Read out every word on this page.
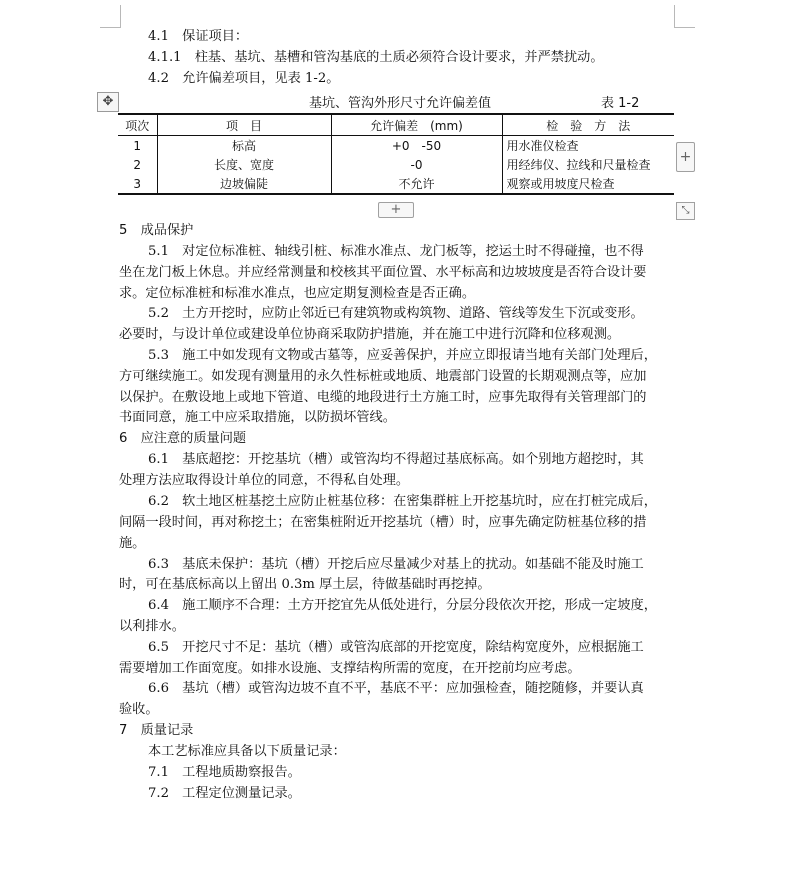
4.1　保证项目：
4.1.1　柱基、基坑、基槽和管沟基底的土质必须符合设计要求，并严禁扰动。
4.2　允许偏差项目，见表 1-2。
✥	基坑、管沟外形尺寸允许偏差值	表 1-2
项次	项　目	允许偏差　(mm)	检　验　方　法
1	标高	+0　-50	用水准仪检查
2	长度、宽度	-0	用经纬仪、拉线和尺量检查
3	边坡偏陡	不允许	观察或用坡度尺检查
+
+	⤡
5　成品保护
5.1　对定位标准桩、轴线引桩、标准水准点、龙门板等，挖运土时不得碰撞，也不得
坐在龙门板上休息。并应经常测量和校核其平面位置、水平标高和边坡坡度是否符合设计要
求。定位标准桩和标准水准点，也应定期复测检查是否正确。
5.2　土方开挖时，应防止邻近已有建筑物或构筑物、道路、管线等发生下沉或变形。
必要时，与设计单位或建设单位协商采取防护措施，并在施工中进行沉降和位移观测。
5.3　施工中如发现有文物或古墓等，应妥善保护，并应立即报请当地有关部门处理后，
方可继续施工。如发现有测量用的永久性标桩或地质、地震部门设置的长期观测点等，应加
以保护。在敷设地上或地下管道、电缆的地段进行土方施工时，应事先取得有关管理部门的
书面同意，施工中应采取措施，以防损坏管线。
6　应注意的质量问题
6.1　基底超挖：开挖基坑（槽）或管沟均不得超过基底标高。如个别地方超挖时，其
处理方法应取得设计单位的同意，不得私自处理。
6.2　软土地区桩基挖土应防止桩基位移：在密集群桩上开挖基坑时，应在打桩完成后，
间隔一段时间，再对称挖土；在密集桩附近开挖基坑（槽）时，应事先确定防桩基位移的措
施。
6.3　基底未保护：基坑（槽）开挖后应尽量减少对基上的扰动。如基础不能及时施工
时，可在基底标高以上留出 0.3m 厚土层，待做基础时再挖掉。
6.4　施工顺序不合理：土方开挖宜先从低处进行，分层分段依次开挖，形成一定坡度，
以利排水。
6.5　开挖尺寸不足：基坑（槽）或管沟底部的开挖宽度，除结构宽度外，应根据施工
需要增加工作面宽度。如排水设施、支撑结构所需的宽度，在开挖前均应考虑。
6.6　基坑（槽）或管沟边坡不直不平，基底不平：应加强检查，随挖随修，并要认真
验收。
7　质量记录
本工艺标准应具备以下质量记录：
7.1　工程地质勘察报告。
7.2　工程定位测量记录。
